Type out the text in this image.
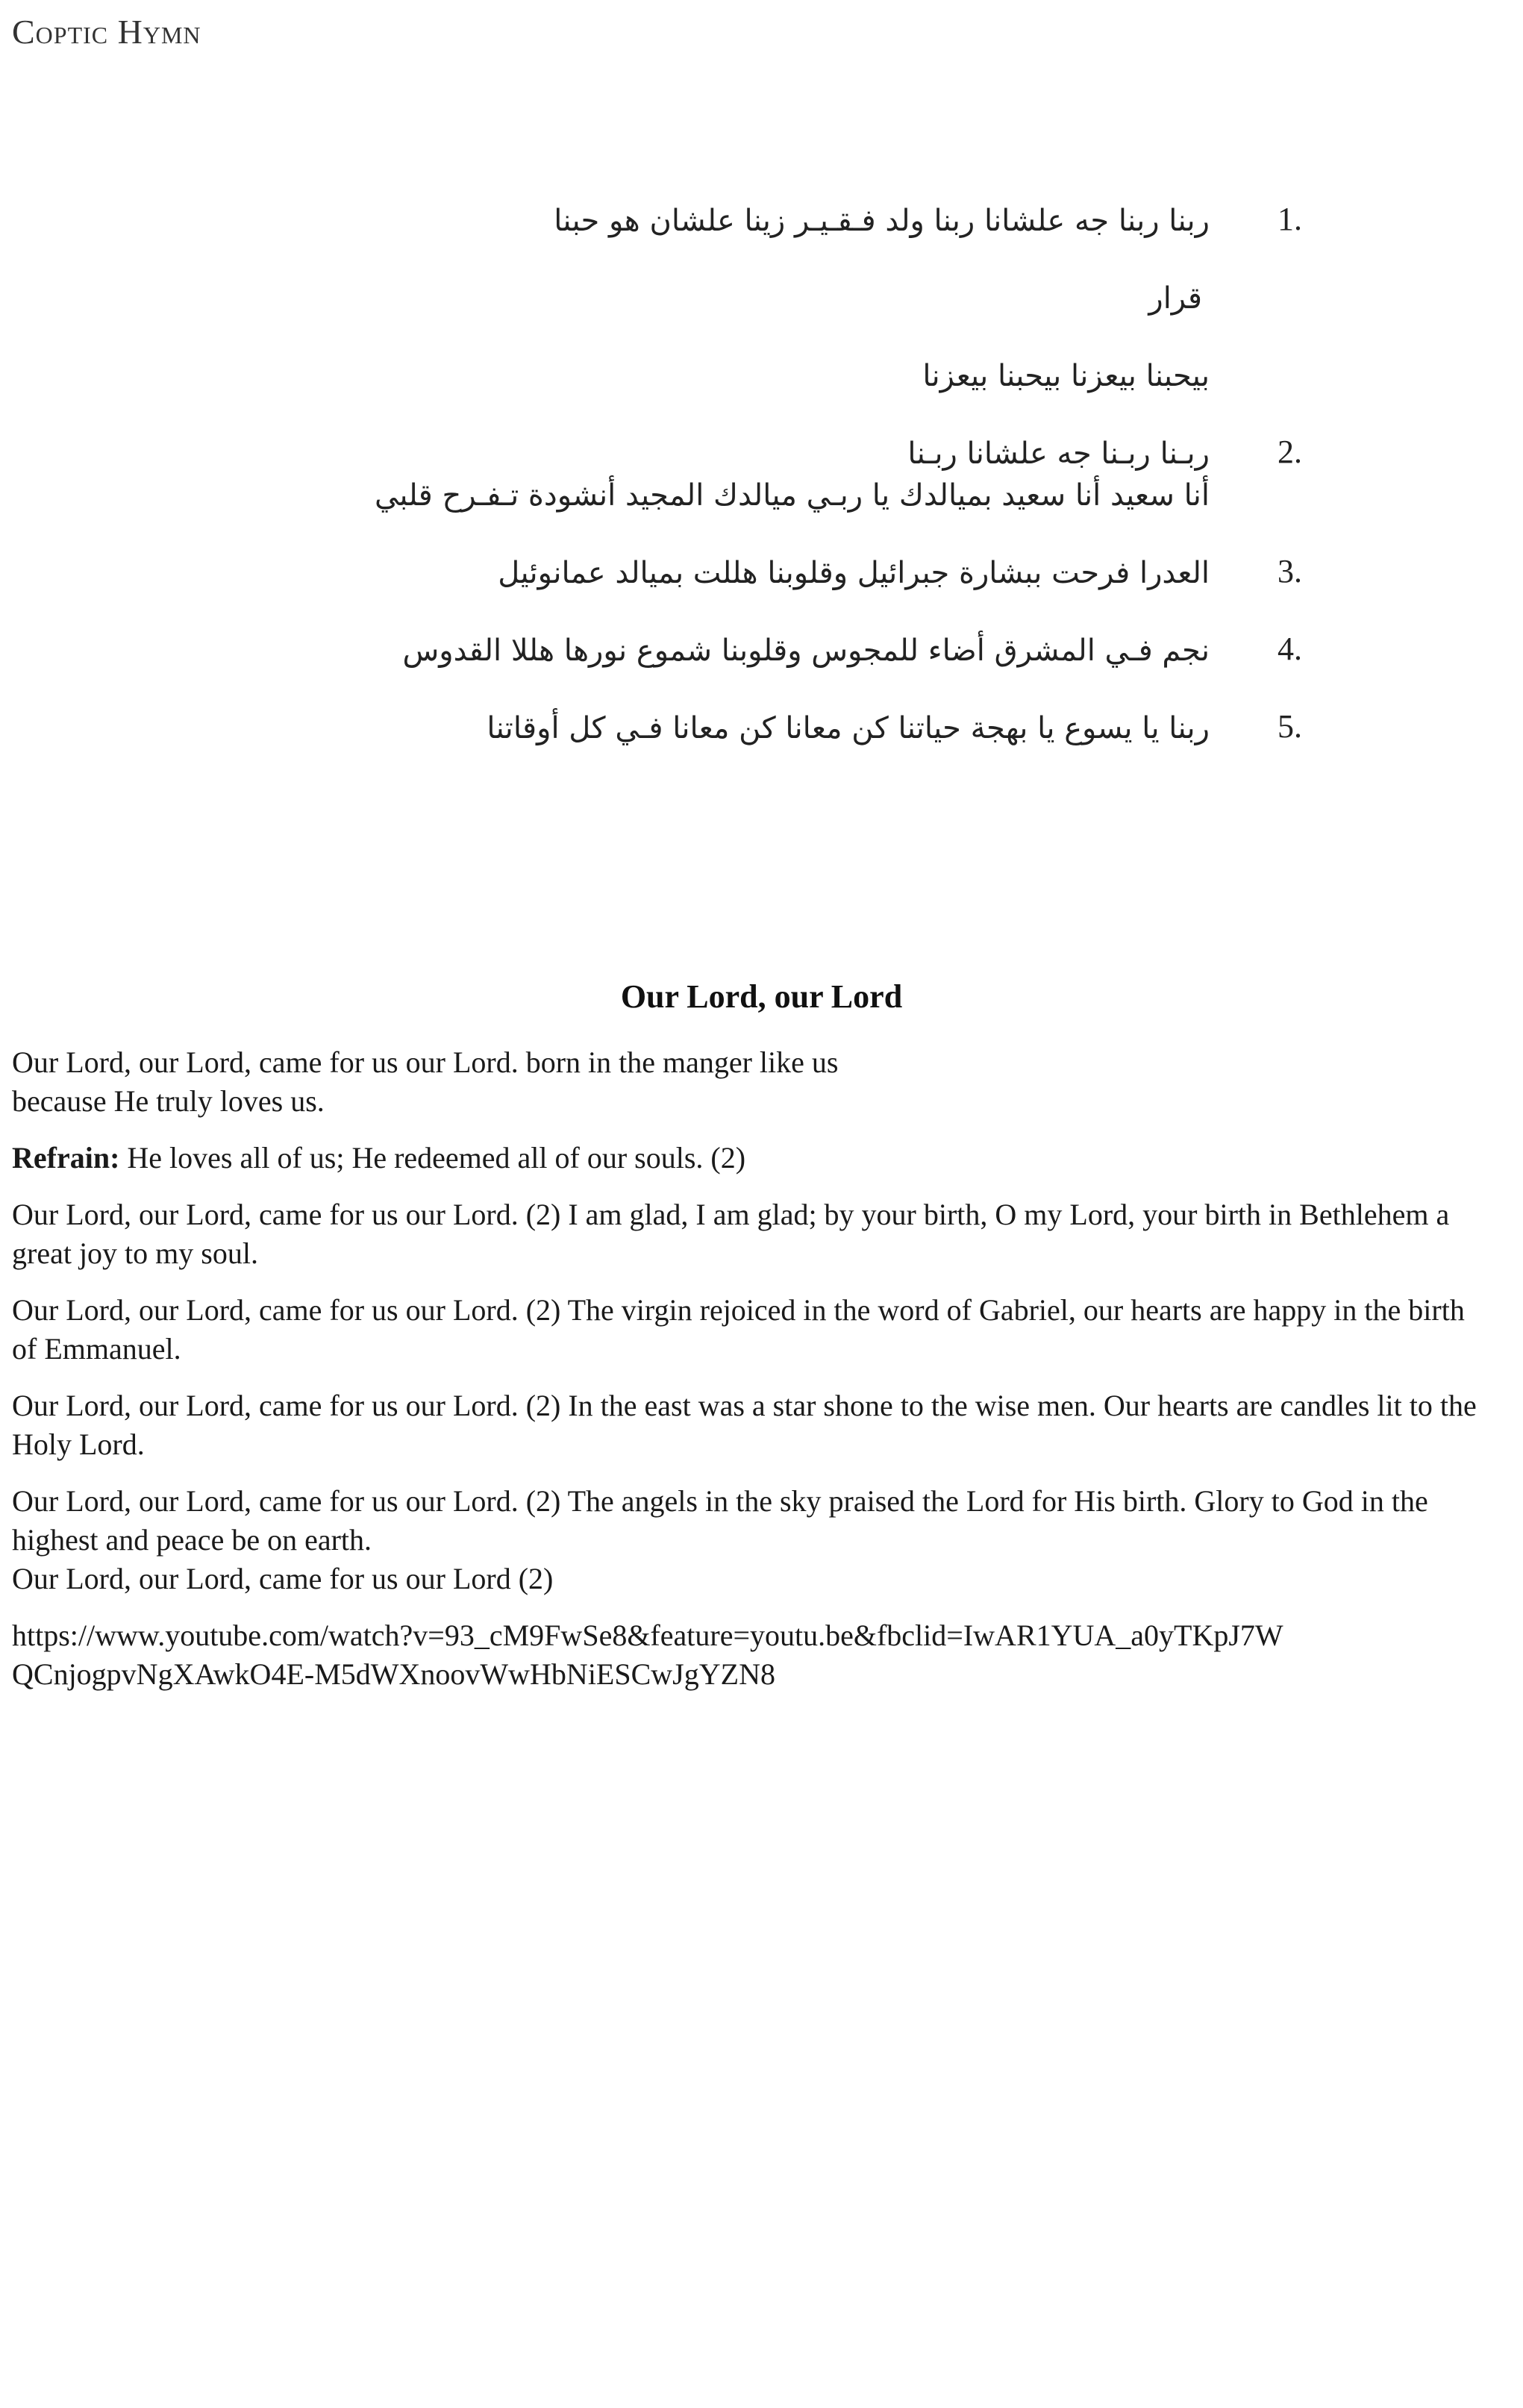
Coptic Hymn
1.
ربنا ربنا جه علشانا ربنا ولد فـقـيـر زينا علشان هو حبنا
قرار
بيحبنا بيعزنا بيحبنا بيعزنا
2.
ربـنا ربـنا جه علشانا ربـنا
أنا سعيد أنا سعيد بميالدك يا ربـي ميالدك المجيد أنشودة تـفـرح قلبي
3.
العدرا فرحت ببشارة جبرائيل وقلوبنا هللت بميالد عمانوئيل
4.
نجم فـي المشرق أضاء للمجوس وقلوبنا شموع نورها هللا القدوس
5.
ربنا يا يسوع يا بهجة حياتنا كن معانا كن معانا فـي كل أوقاتنا
Our Lord, our Lord

Our Lord, our Lord, came for us our Lord. born in the manger like us
because He truly loves us.

Refrain: He loves all of us; He redeemed all of our souls. (2)

Our Lord, our Lord, came for us our Lord. (2) I am glad, I am glad; by your birth, O my Lord, your birth in Bethlehem a great joy to my soul.

Our Lord, our Lord, came for us our Lord. (2) The virgin rejoiced in the word of Gabriel, our hearts are happy in the birth of Emmanuel.

Our Lord, our Lord, came for us our Lord. (2) In the east was a star shone to the wise men. Our hearts are candles lit to the Holy Lord.

Our Lord, our Lord, came for us our Lord. (2) The angels in the sky praised the Lord for His birth. Glory to God in the highest and peace be on earth.

Our Lord, our Lord, came for us our Lord (2)

https://www.youtube.com/watch?v=93_cM9FwSe8&feature=youtu.be&fbclid=IwAR1YUA_a0yTKpJ7WQCnjogpvNgXAwkO4E-M5dWXnoovWwHbNiESCwJgYZN8
